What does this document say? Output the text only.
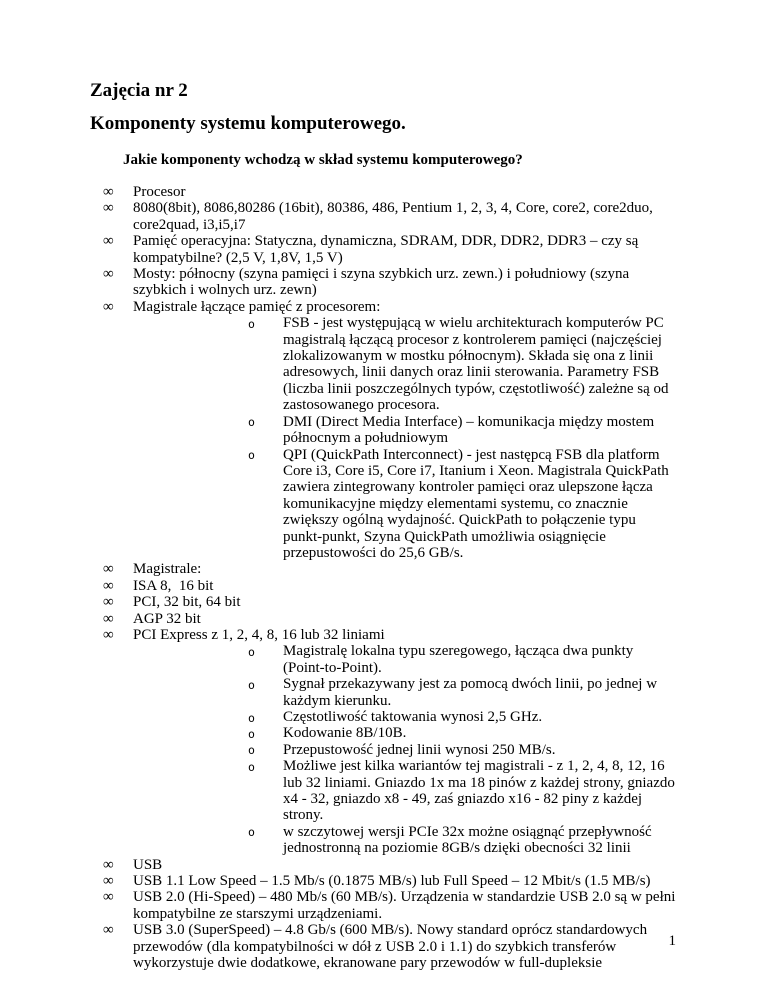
Zajęcia nr 2
Komponenty systemu komputerowego.
Jakie komponenty wchodzą w skład systemu komputerowego?
∞ Procesor
∞ 8080(8bit), 8086,80286 (16bit), 80386, 486, Pentium 1, 2, 3, 4, Core, core2, core2duo, core2quad, i3,i5,i7
∞ Pamięć operacyjna: Statyczna, dynamiczna, SDRAM, DDR, DDR2, DDR3 – czy są kompatybilne? (2,5 V, 1,8V, 1,5 V)
∞ Mosty: północny (szyna pamięci i szyna szybkich urz. zewn.) i południowy (szyna szybkich i wolnych urz. zewn)
∞ Magistrale łączące pamięć z procesorem:
o FSB - jest występującą w wielu architekturach komputerów PC magistralą łączącą procesor z kontrolerem pamięci (najczęściej zlokalizowanym w mostku północnym). Składa się ona z linii adresowych, linii danych oraz linii sterowania. Parametry FSB (liczba linii poszczególnych typów, częstotliwość) zależne są od zastosowanego procesora.
o DMI (Direct Media Interface) – komunikacja między mostem północnym a południowym
o QPI (QuickPath Interconnect) - jest następcą FSB dla platform Core i3, Core i5, Core i7, Itanium i Xeon. Magistrala QuickPath zawiera zintegrowany kontroler pamięci oraz ulepszone łącza komunikacyjne między elementami systemu, co znacznie zwiększy ogólną wydajność. QuickPath to połączenie typu punkt-punkt, Szyna QuickPath umożliwia osiągnięcie przepustowości do 25,6 GB/s.
∞ Magistrale:
∞ ISA 8,  16 bit
∞ PCI, 32 bit, 64 bit
∞ AGP 32 bit
∞ PCI Express z 1, 2, 4, 8, 16 lub 32 liniami
o Magistralę lokalna typu szeregowego, łącząca dwa punkty (Point-to-Point).
o Sygnał przekazywany jest za pomocą dwóch linii, po jednej w każdym kierunku.
o Częstotliwość taktowania wynosi 2,5 GHz.
o Kodowanie 8B/10B.
o Przepustowość jednej linii wynosi 250 MB/s.
o Możliwe jest kilka wariantów tej magistrali - z 1, 2, 4, 8, 12, 16 lub 32 liniami. Gniazdo 1x ma 18 pinów z każdej strony, gniazdo x4 - 32, gniazdo x8 - 49, zaś gniazdo x16 - 82 piny z każdej strony.
o w szczytowej wersji PCIe 32x możne osiągnąć przepływność jednostronną na poziomie 8GB/s dzięki obecności 32 linii
∞ USB
∞ USB 1.1 Low Speed – 1.5 Mb/s (0.1875 MB/s) lub Full Speed – 12 Mbit/s (1.5 MB/s)
∞ USB 2.0 (Hi-Speed) – 480 Mb/s (60 MB/s). Urządzenia w standardzie USB 2.0 są w pełni kompatybilne ze starszymi urządzeniami.
∞ USB 3.0 (SuperSpeed) – 4.8 Gb/s (600 MB/s). Nowy standard oprócz standardowych przewodów (dla kompatybilności w dół z USB 2.0 i 1.1) do szybkich transferów wykorzystuje dwie dodatkowe, ekranowane pary przewodów w full-dupleksie
1
